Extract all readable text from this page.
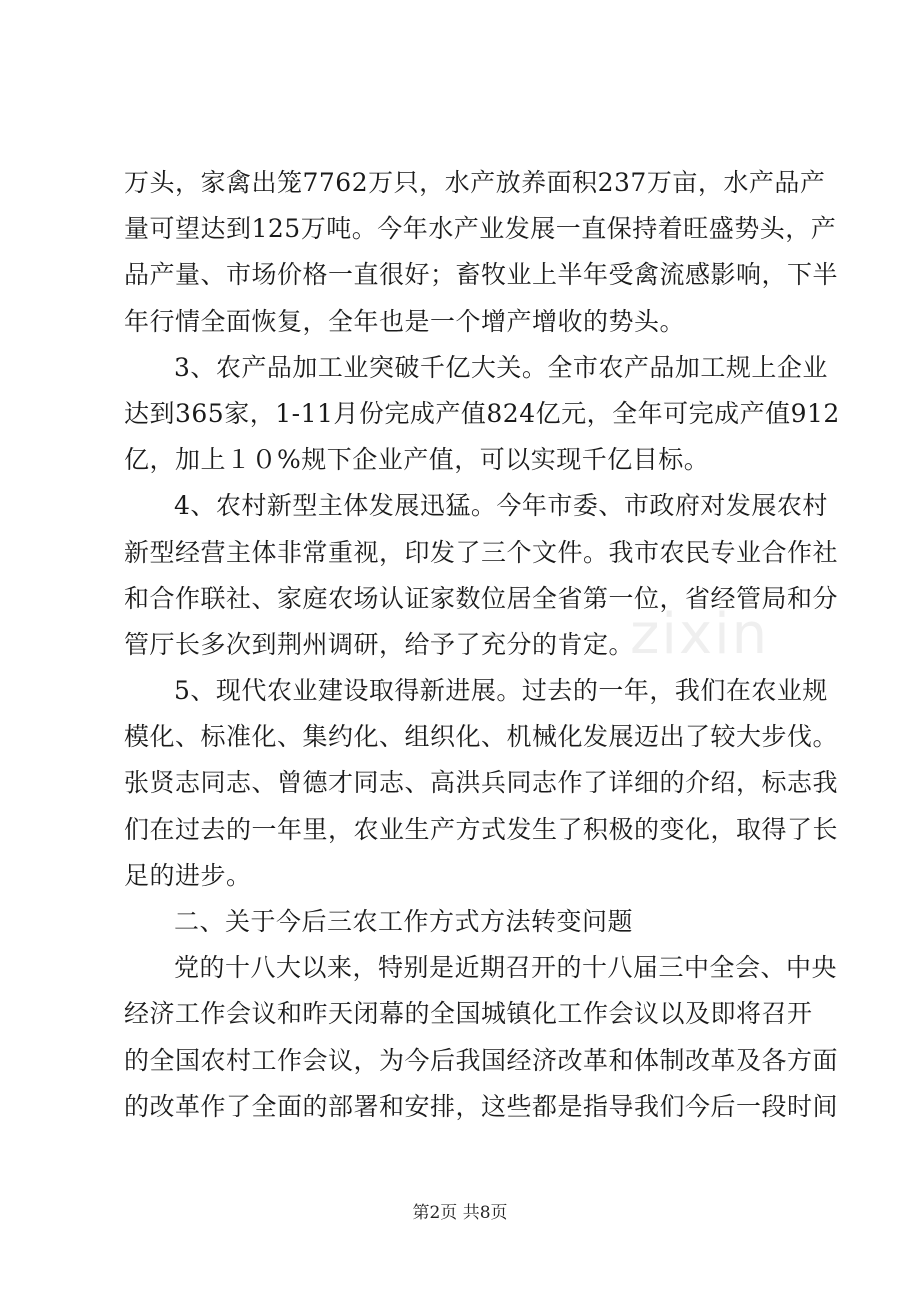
万头，家禽出笼7762万只，水产放养面积237万亩，水产品产
量可望达到125万吨。今年水产业发展一直保持着旺盛势头，产
品产量、市场价格一直很好；畜牧业上半年受禽流感影响，下半
年行情全面恢复，全年也是一个增产增收的势头。
3、农产品加工业突破千亿大关。全市农产品加工规上企业
达到365家，1-11月份完成产值824亿元，全年可完成产值912
亿，加上１０%规下企业产值，可以实现千亿目标。
4、农村新型主体发展迅猛。今年市委、市政府对发展农村
新型经营主体非常重视，印发了三个文件。我市农民专业合作社
和合作联社、家庭农场认证家数位居全省第一位，省经管局和分
管厅长多次到荆州调研，给予了充分的肯定。
5、现代农业建设取得新进展。过去的一年，我们在农业规
模化、标准化、集约化、组织化、机械化发展迈出了较大步伐。
张贤志同志、曾德才同志、高洪兵同志作了详细的介绍，标志我
们在过去的一年里，农业生产方式发生了积极的变化，取得了长
足的进步。
二、关于今后三农工作方式方法转变问题
党的十八大以来，特别是近期召开的十八届三中全会、中央
经济工作会议和昨天闭幕的全国城镇化工作会议以及即将召开
的全国农村工作会议，为今后我国经济改革和体制改革及各方面
的改革作了全面的部署和安排，这些都是指导我们今后一段时间
zixin
第2页 共8页
